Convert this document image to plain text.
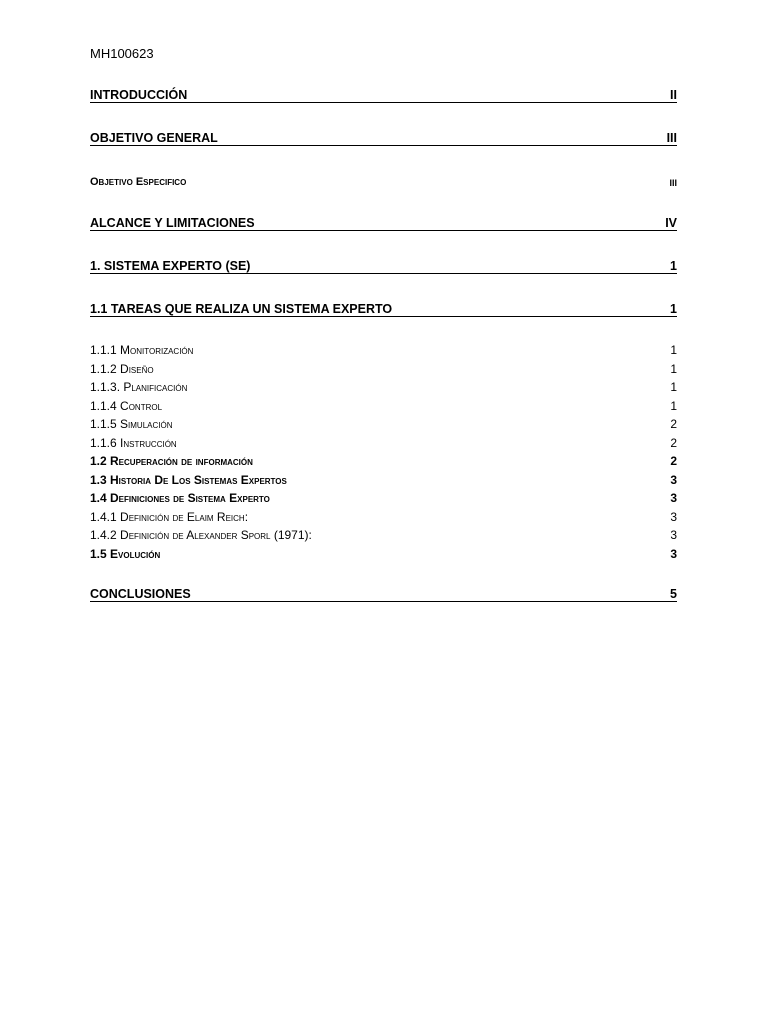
MH100623
INTRODUCCIÓN	II
OBJETIVO GENERAL	III
Objetivo Especifico	III
ALCANCE Y LIMITACIONES	IV
1. SISTEMA EXPERTO (SE)	1
1.1 TAREAS QUE REALIZA UN SISTEMA EXPERTO	1
1.1.1 Monitorización	1
1.1.2 Diseño	1
1.1.3. Planificación	1
1.1.4 Control	1
1.1.5 Simulación	2
1.1.6 Instrucción	2
1.2 Recuperación de información	2
1.3 Historia De Los Sistemas Expertos	3
1.4 Definiciones de Sistema Experto	3
1.4.1 Definición de Elaim Reich:	3
1.4.2 Definición de Alexander Sporl (1971):	3
1.5 Evolución	3
CONCLUSIONES	5
